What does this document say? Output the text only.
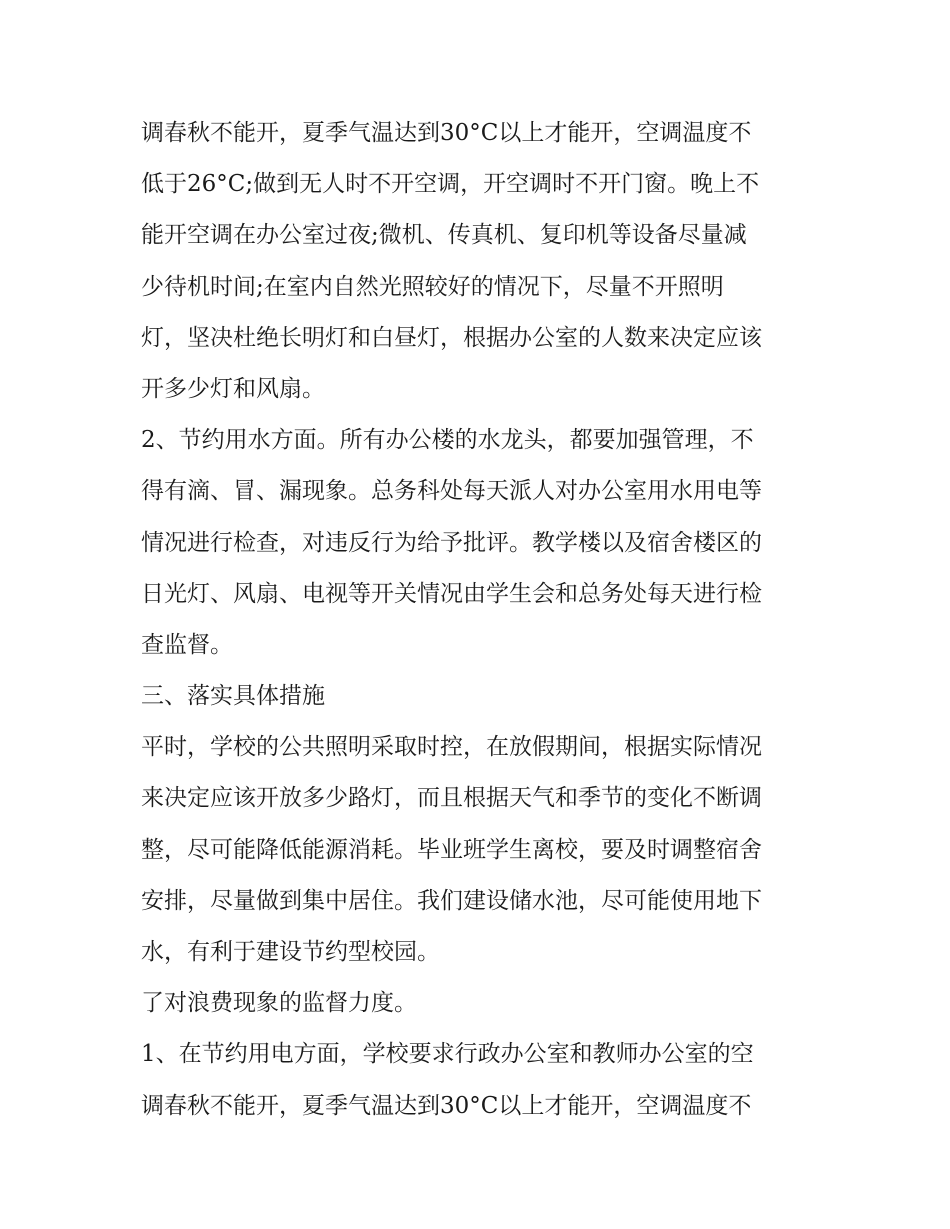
调春秋不能开，夏季气温达到30°C以上才能开，空调温度不
低于26°C;做到无人时不开空调，开空调时不开门窗。晚上不
能开空调在办公室过夜;微机、传真机、复印机等设备尽量减
少待机时间;在室内自然光照较好的情况下，尽量不开照明
灯，坚决杜绝长明灯和白昼灯，根据办公室的人数来决定应该
开多少灯和风扇。
2、节约用水方面。所有办公楼的水龙头，都要加强管理，不
得有滴、冒、漏现象。总务科处每天派人对办公室用水用电等
情况进行检查，对违反行为给予批评。教学楼以及宿舍楼区的
日光灯、风扇、电视等开关情况由学生会和总务处每天进行检
查监督。
三、落实具体措施
平时，学校的公共照明采取时控，在放假期间，根据实际情况
来决定应该开放多少路灯，而且根据天气和季节的变化不断调
整，尽可能降低能源消耗。毕业班学生离校，要及时调整宿舍
安排，尽量做到集中居住。我们建设储水池，尽可能使用地下
水，有利于建设节约型校园。
了对浪费现象的监督力度。
1、在节约用电方面，学校要求行政办公室和教师办公室的空
调春秋不能开，夏季气温达到30°C以上才能开，空调温度不
